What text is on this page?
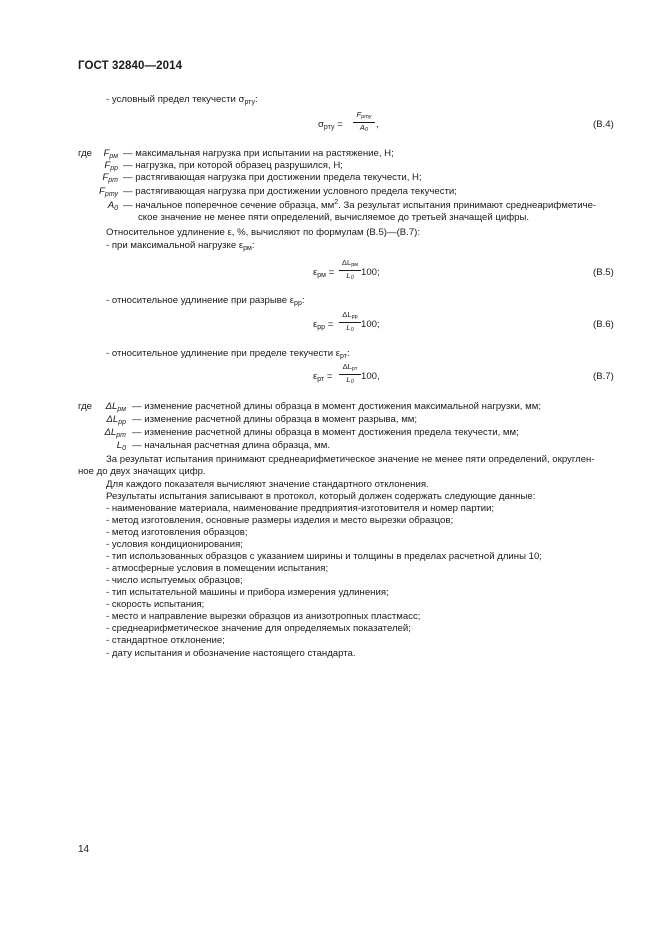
ГОСТ 32840—2014
- условный предел текучести $\sigma_{рту}$:
$\sigma_{рту}$ =
Fрту
A0 ,	(В.4)
где	$F_{рм}$ — максимальная нагрузка при испытании на растяжение, Н;
$F_{рр}$ — нагрузка, при которой образец разрушился, Н;
$F_{рт}$ — растягивающая нагрузка при достижении предела текучести, Н;
$F_{рту}$ — растягивающая нагрузка при достижении условного предела текучести;
$A_0$ — начальное поперечное сечение образца, $мм^2$. За результат испытания принимают среднеарифметиче-
ское значение не менее пяти определений, вычисляемое до третьей значащей цифры.
Относительное удлинение ε, %, вычисляют по формулам (В.5)—(В.7):
- при максимальной нагрузке $\varepsilon_{рм}$:
$\varepsilon_{рм}$ =
ΔLрм
L0 100;	(В.5)
- относительное удлинение при разрыве $\varepsilon_{рр}$:
$\varepsilon_{рр}$ =
ΔLрр
L0 100;	(В.6)
- относительное удлинение при пределе текучести $\varepsilon_{рт}$:
$\varepsilon_{рт}$ =
ΔLрт
L0 100,	(В.7)
где	$\Delta L_{рм}$ — изменение расчетной длины образца в момент достижения максимальной нагрузки, мм;
$\Delta L_{рр}$ — изменение расчетной длины образца в момент разрыва, мм;
$\Delta L_{рт}$ — изменение расчетной длины образца в момент достижения предела текучести, мм;
$L_0$ — начальная расчетная длина образца, мм.
За результат испытания принимают среднеарифметическое значение не менее пяти определений, округлен-
ное до двух значащих цифр.
Для каждого показателя вычисляют значение стандартного отклонения.
Результаты испытания записывают в протокол, который должен содержать следующие данные:
- наименование материала, наименование предприятия-изготовителя и номер партии;
- метод изготовления, основные размеры изделия и место вырезки образцов;
- метод изготовления образцов;
- условия кондиционирования;
- тип использованных образцов с указанием ширины и толщины в пределах расчетной длины 10;
- атмосферные условия в помещении испытания;
- число испытуемых образцов;
- тип испытательной машины и прибора измерения удлинения;
- скорость испытания;
- место и направление вырезки образцов из анизотропных пластмасс;
- среднеарифметическое значение для определяемых показателей;
- стандартное отклонение;
- дату испытания и обозначение настоящего стандарта.
14
